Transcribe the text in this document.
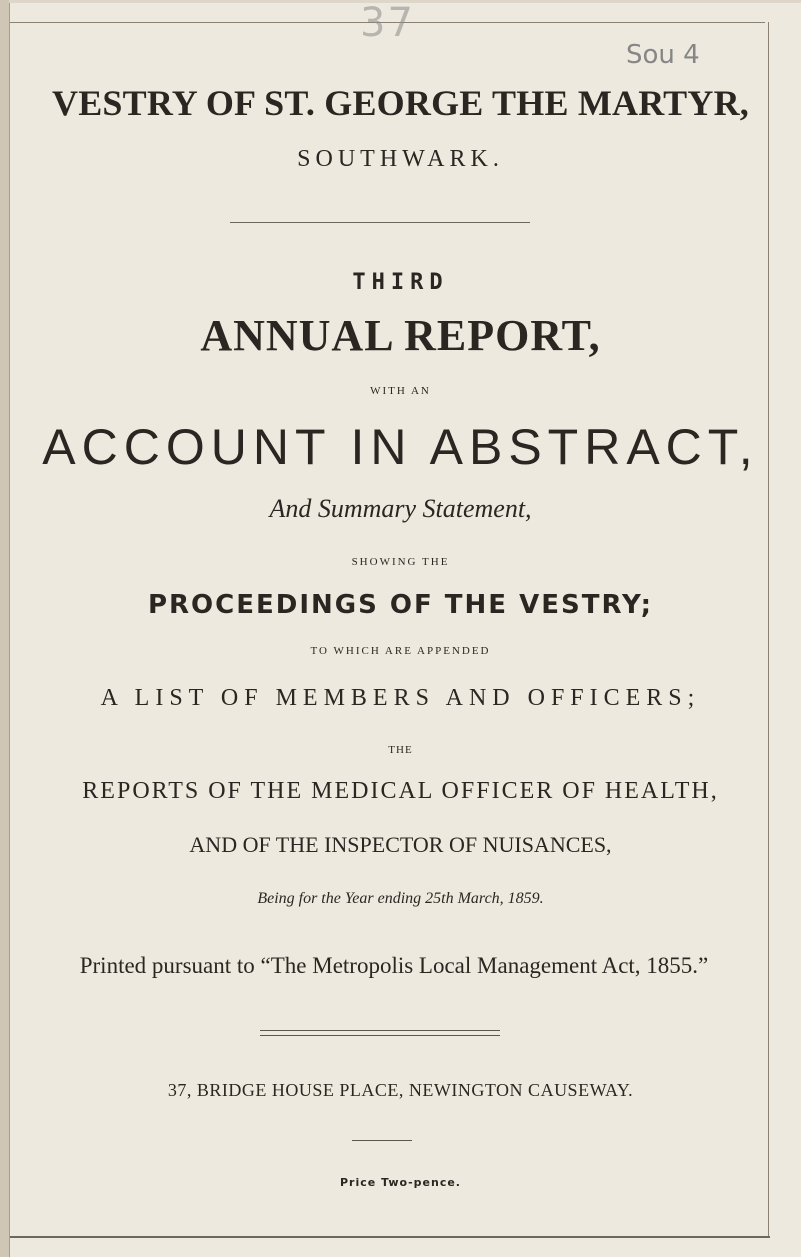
37
Sou 4
VESTRY OF ST. GEORGE THE MARTYR,
SOUTHWARK.
THIRD
ANNUAL REPORT,
WITH AN
ACCOUNT IN ABSTRACT,
And Summary Statement,
SHOWING THE
PROCEEDINGS OF THE VESTRY;
TO WHICH ARE APPENDED
A LIST OF MEMBERS AND OFFICERS;
THE
REPORTS OF THE MEDICAL OFFICER OF HEALTH,
AND OF THE INSPECTOR OF NUISANCES,
Being for the Year ending 25th March, 1859.
Printed pursuant to “The Metropolis Local Management Act, 1855.”
37, BRIDGE HOUSE PLACE, NEWINGTON CAUSEWAY.
Price Two-pence.
